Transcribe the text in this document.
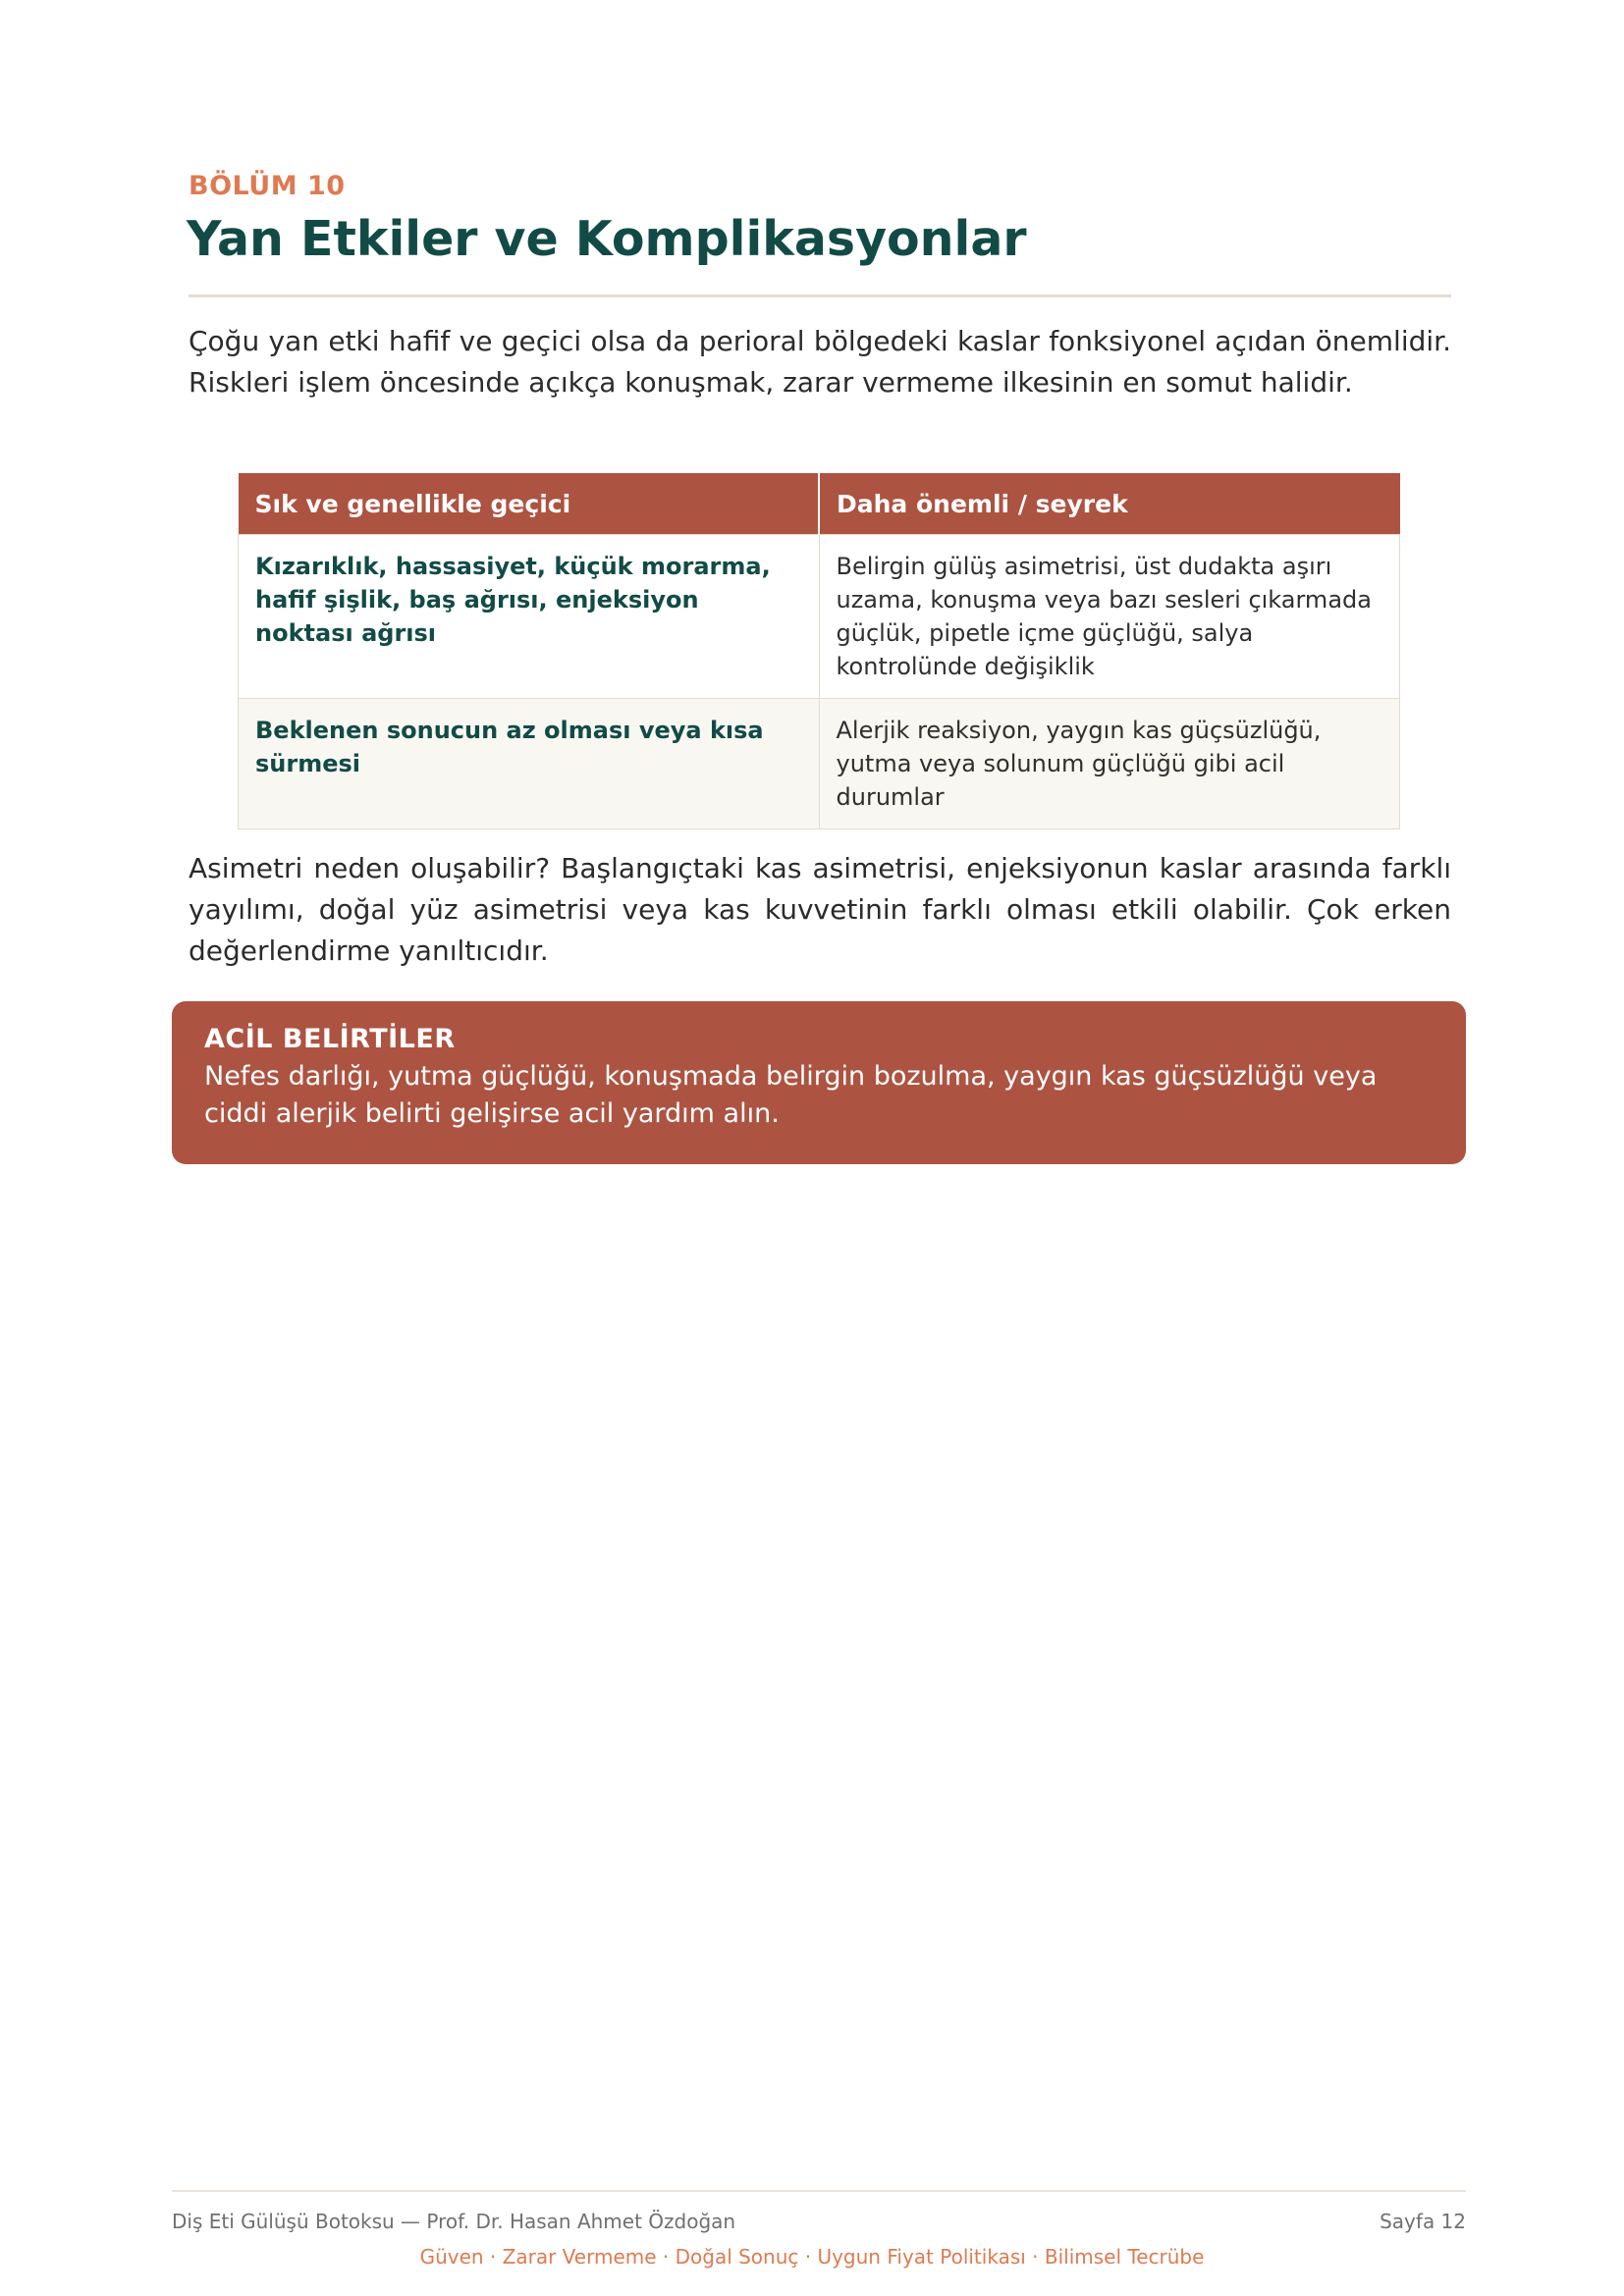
BÖLÜM 10
Yan Etkiler ve Komplikasyonlar

Çoğu yan etki hafif ve geçici olsa da perioral bölgedeki kaslar fonksiyonel açıdan önemlidir. Riskleri işlem öncesinde açıkça konuşmak, zarar vermeme ilkesinin en somut halidir.

Sık ve genellikle geçici	Daha önemli / seyrek
Kızarıklık, hassasiyet, küçük morarma, hafif şişlik, baş ağrısı, enjeksiyon noktası ağrısı	Belirgin gülüş asimetrisi, üst dudakta aşırı uzama, konuşma veya bazı sesleri çıkarmada güçlük, pipetle içme güçlüğü, salya kontrolünde değişiklik
Beklenen sonucun az olması veya kısa sürmesi	Alerjik reaksiyon, yaygın kas güçsüzlüğü, yutma veya solunum güçlüğü gibi acil durumlar

Asimetri neden oluşabilir? Başlangıçtaki kas asimetrisi, enjeksiyonun kaslar arasında farklı yayılımı, doğal yüz asimetrisi veya kas kuvvetinin farklı olması etkili olabilir. Çok erken değerlendirme yanıltıcıdır.

ACİL BELİRTİLER
Nefes darlığı, yutma güçlüğü, konuşmada belirgin bozulma, yaygın kas güçsüzlüğü veya ciddi alerjik belirti gelişirse acil yardım alın.
Diş Eti Gülüşü Botoksu — Prof. Dr. Hasan Ahmet Özdoğan	Sayfa 12
Güven · Zarar Vermeme · Doğal Sonuç · Uygun Fiyat Politikası · Bilimsel Tecrübe
